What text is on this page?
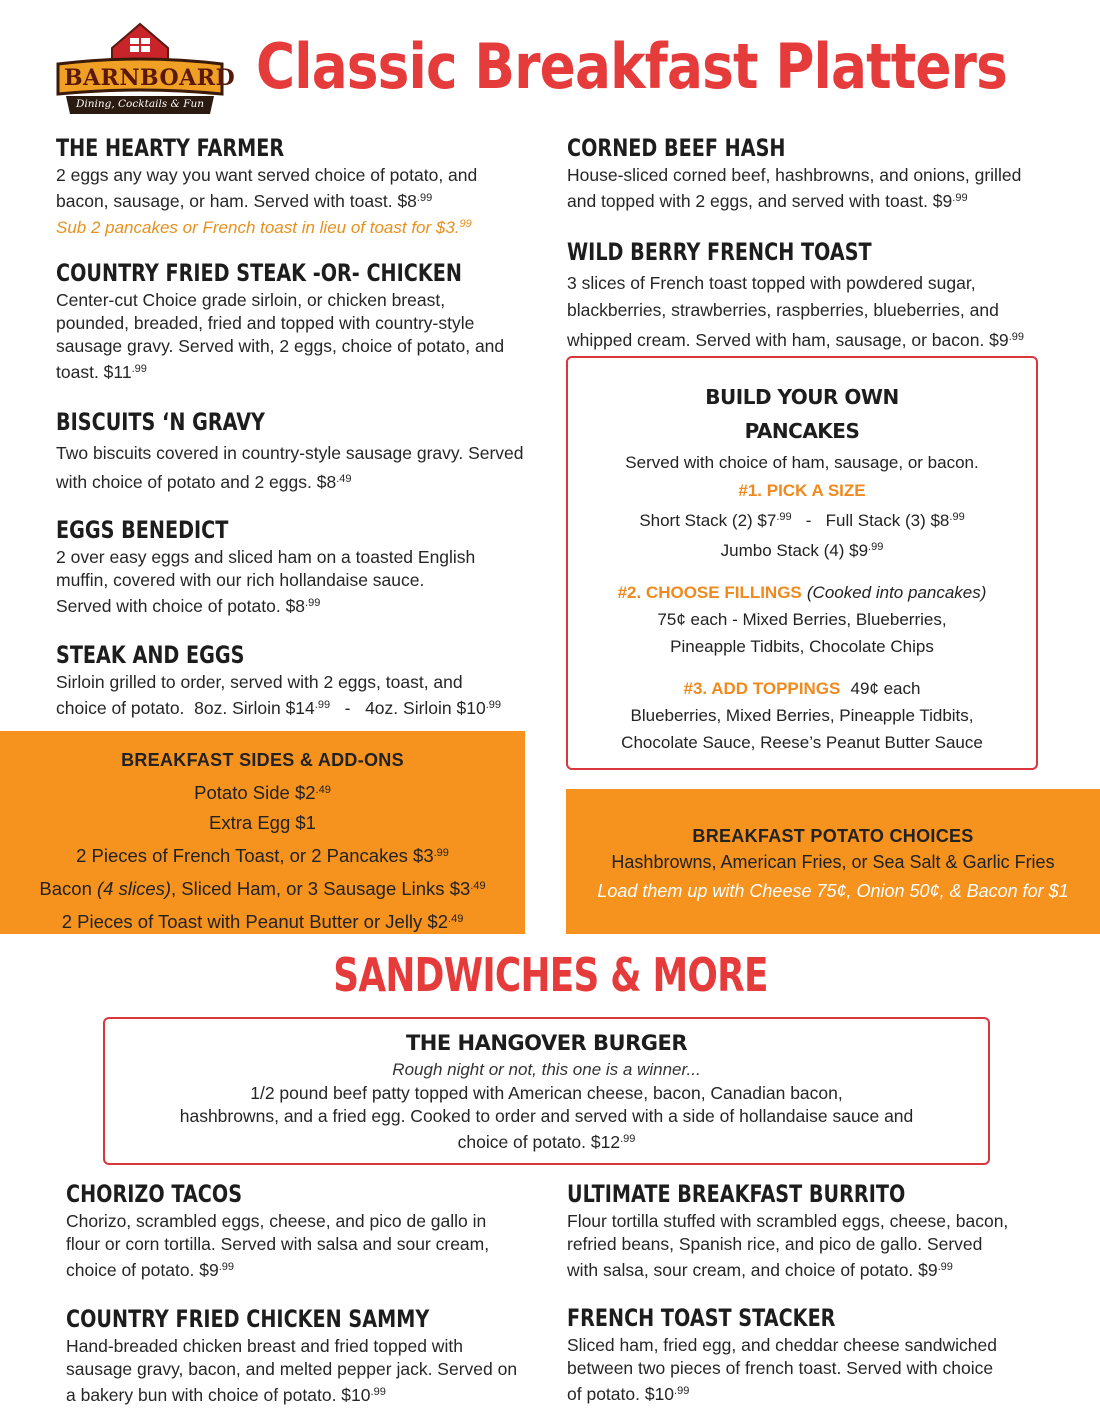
BARNBOARD
Dining, Cocktails & Fun
Classic Breakfast Platters
THE HEARTY FARMER
2 eggs any way you want served choice of potato, and
bacon, sausage, or ham. Served with toast. $\$8^{.99}$
Sub 2 pancakes or French toast in lieu of toast for $3.99
COUNTRY FRIED STEAK -OR- CHICKEN
Center-cut Choice grade sirloin, or chicken breast,
pounded, breaded, fried and topped with country-style
sausage gravy. Served with, 2 eggs, choice of potato, and
toast. $\$11^{.99}$
BISCUITS ‘N GRAVY
Two biscuits covered in country-style sausage gravy. Served
with choice of potato and 2 eggs. $\$8^{.49}$
EGGS BENEDICT
2 over easy eggs and sliced ham on a toasted English
muffin, covered with our rich hollandaise sauce.
Served with choice of potato. $\$8^{.99}$
STEAK AND EGGS
Sirloin grilled to order, served with 2 eggs, toast, and
choice of potato.  8oz. Sirloin $\$14^{.99} - 4oz$. Sirloin $\$10^{.99}$
CORNED BEEF HASH
House-sliced corned beef, hashbrowns, and onions, grilled
and topped with 2 eggs, and served with toast. $\$9^{.99}$
WILD BERRY FRENCH TOAST
3 slices of French toast topped with powdered sugar,
blackberries, strawberries, raspberries, blueberries, and
whipped cream. Served with ham, sausage, or bacon. $\$9^{.99}$
BUILD YOUR OWN
PANCAKES
Served with choice of ham, sausage, or bacon.
#1. PICK A SIZE
Short Stack (2) $\$7^{.99}$   -   Full Stack (3) $\$8^{.99}$
Jumbo Stack (4) $\$9^{.99}$
#2. CHOOSE FILLINGS (Cooked into pancakes)
75¢ each - Mixed Berries, Blueberries,
Pineapple Tidbits, Chocolate Chips
#3. ADD TOPPINGS 49¢ each
Blueberries, Mixed Berries, Pineapple Tidbits,
Chocolate Sauce, Reese’s Peanut Butter Sauce
BREAKFAST SIDES & ADD-ONS
Potato Side $\$2^{.49}$
Extra Egg $1
2 Pieces of French Toast, or 2 Pancakes $\$3^{.99}$
Bacon (4 slices), Sliced Ham, or 3 Sausage Links $\$3^{.49}$
2 Pieces of Toast with Peanut Butter or Jelly $\$2^{.49}$
BREAKFAST POTATO CHOICES
Hashbrowns, American Fries, or Sea Salt & Garlic Fries
Load them up with Cheese 75¢, Onion 50¢, & Bacon for $1
SANDWICHES & MORE
THE HANGOVER BURGER
Rough night or not, this one is a winner...
1/2 pound beef patty topped with American cheese, bacon, Canadian bacon,
hashbrowns, and a fried egg. Cooked to order and served with a side of hollandaise sauce and
choice of potato. $\$12^{.99}$
CHORIZO TACOS
Chorizo, scrambled eggs, cheese, and pico de gallo in
flour or corn tortilla. Served with salsa and sour cream,
choice of potato. $\$9^{.99}$
COUNTRY FRIED CHICKEN SAMMY
Hand-breaded chicken breast and fried topped with
sausage gravy, bacon, and melted pepper jack. Served on
a bakery bun with choice of potato. $\$10^{.99}$
ULTIMATE BREAKFAST BURRITO
Flour tortilla stuffed with scrambled eggs, cheese, bacon,
refried beans, Spanish rice, and pico de gallo. Served
with salsa, sour cream, and choice of potato. $\$9^{.99}$
FRENCH TOAST STACKER
Sliced ham, fried egg, and cheddar cheese sandwiched
between two pieces of french toast. Served with choice
of potato. $\$10^{.99}$
